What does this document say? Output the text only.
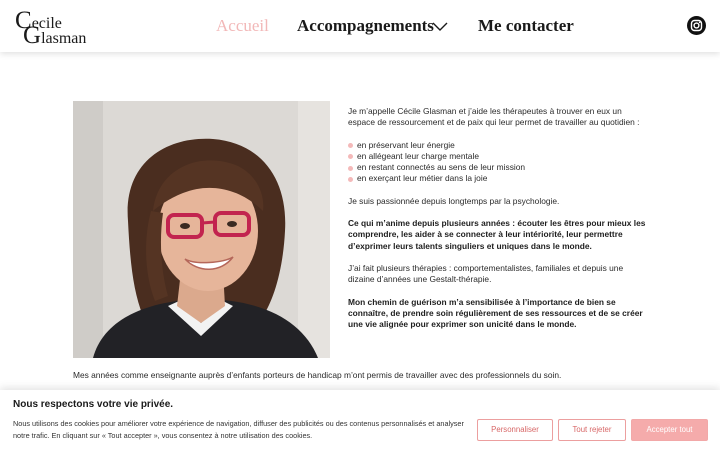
Cecile
Glasman
Accueil Accompagnements	Me contacter

Je m’appelle Cécile Glasman et j’aide les thérapeutes à trouver en eux un espace de ressourcement et de paix qui leur permet de travailler au quotidien :

en préservant leur énergie
en allégeant leur charge mentale
en restant connectés au sens de leur mission
en exerçant leur métier dans la joie

Je suis passionnée depuis longtemps par la psychologie.

Ce qui m’anime depuis plusieurs années : écouter les êtres pour mieux les comprendre, les aider à se connecter à leur intériorité, leur permettre d’exprimer leurs talents singuliers et uniques dans le monde.

J’ai fait plusieurs thérapies : comportementalistes, familiales et depuis une dizaine d’années une Gestalt-thérapie.

Mon chemin de guérison m’a sensibilisée à l’importance de bien se connaître, de prendre soin régulièrement de ses ressources et de se créer une vie alignée pour exprimer son unicité dans le monde.

Mes années comme enseignante auprès d’enfants porteurs de handicap m’ont permis de travailler avec des professionnels du soin.
Nous respectons votre vie privée.
Nous utilisons des cookies pour améliorer votre expérience de navigation, diffuser des publicités ou des contenus personnalisés et analyser notre trafic. En cliquant sur « Tout accepter », vous consentez à notre utilisation des cookies.
Personnaliser	Tout rejeter	Accepter tout
